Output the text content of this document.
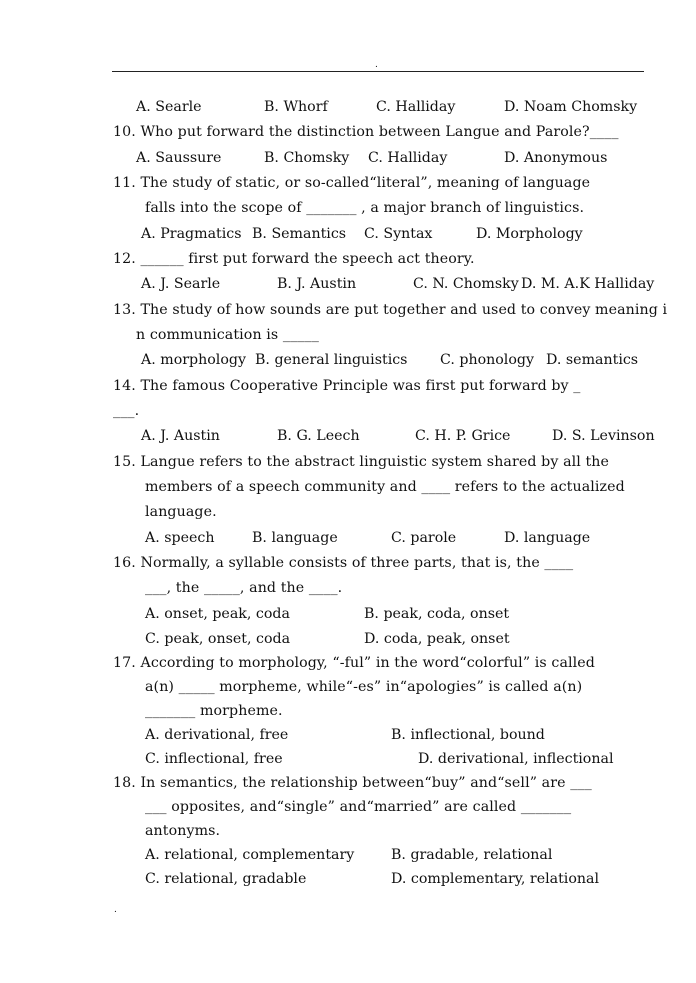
.
A. Searle	B. Whorf	C. Halliday	D. Noam Chomsky
10. Who put forward the distinction between Langue and Parole?____
A. Saussure	B. Chomsky C. Halliday	D. Anonymous
11. The study of static, or so-called“literal”, meaning of language
falls into the scope of _______ , a major branch of linguistics.
A. Pragmatics B. Semantics C. Syntax	D. Morphology
12. ______ first put forward the speech act theory.
A. J. Searle	B. J. Austin	C. N. Chomsky D. M. A.K Halliday
13. The study of how sounds are put together and used to convey meaning i
n communication is _____
A. morphology B. general linguistics C. phonology D. semantics
14. The famous Cooperative Principle was first put forward by _
___.
A. J. Austin	B. G. Leech	C. H. P. Grice	D. S. Levinson
15. Langue refers to the abstract linguistic system shared by all the
members of a speech community and ____ refers to the actualized
language.
A. speech	B. language	C. parole	D. language
16. Normally, a syllable consists of three parts, that is, the ____
___, the _____, and the ____.
A. onset, peak, coda	B. peak, coda, onset
C. peak, onset, coda	D. coda, peak, onset
17. According to morphology, “-ful” in the word“colorful” is called
a(n) _____ morpheme, while“-es” in“apologies” is called a(n)
_______ morpheme.
A. derivational, free	B. inflectional, bound
C. inflectional, free	D. derivational, inflectional
18. In semantics, the relationship between“buy” and“sell” are ___
___ opposites, and“single” and“married” are called _______
antonyms.
A. relational, complementary	B. gradable, relational
C. relational, gradable	D. complementary, relational
.
